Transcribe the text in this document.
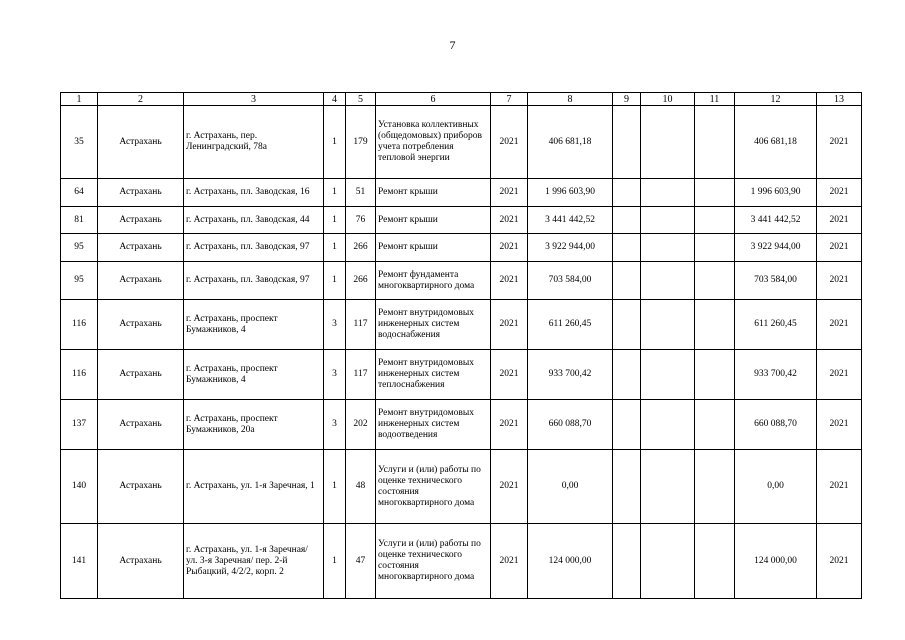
7
1	2	3	4	5	6	7	8	9	10	11	12	13
35	Астрахань	г. Астрахань, пер. Ленинградский, 78а	1	179	Установка коллективных (общедомовых) приборов учета потребления тепловой энергии	2021	406 681,18				406 681,18	2021
64	Астрахань	г. Астрахань, пл. Заводская, 16	1	51	Ремонт крыши	2021	1 996 603,90				1 996 603,90	2021
81	Астрахань	г. Астрахань, пл. Заводская, 44	1	76	Ремонт крыши	2021	3 441 442,52				3 441 442,52	2021
95	Астрахань	г. Астрахань, пл. Заводская, 97	1	266	Ремонт крыши	2021	3 922 944,00				3 922 944,00	2021
95	Астрахань	г. Астрахань, пл. Заводская, 97	1	266	Ремонт фундамента многоквартирного дома	2021	703 584,00				703 584,00	2021
116	Астрахань	г. Астрахань, проспект Бумажников, 4	3	117	Ремонт внутридомовых инженерных систем водоснабжения	2021	611 260,45				611 260,45	2021
116	Астрахань	г. Астрахань, проспект Бумажников, 4	3	117	Ремонт внутридомовых инженерных систем теплоснабжения	2021	933 700,42				933 700,42	2021
137	Астрахань	г. Астрахань, проспект Бумажников, 20а	3	202	Ремонт внутридомовых инженерных систем водоотведения	2021	660 088,70				660 088,70	2021
140	Астрахань	г. Астрахань, ул. 1-я Заречная, 1	1	48	Услуги и (или) работы по оценке технического состояния многоквартирного дома	2021	0,00				0,00	2021
141	Астрахань	г. Астрахань, ул. 1-я Заречная/ ул. 3-я Заречная/ пер. 2-й Рыбацкий, 4/2/2, корп. 2	1	47	Услуги и (или) работы по оценке технического состояния многоквартирного дома	2021	124 000,00				124 000,00	2021
